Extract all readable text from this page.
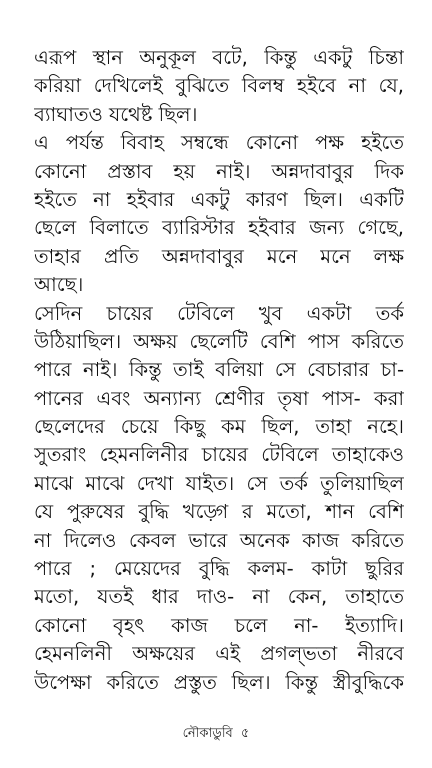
এরূপ স্থান অনুকূল বটে, কিন্তু একটু চিন্তা
করিয়া দেখিলেই বুঝিতে বিলম্ব হইবে না যে,
ব্যাঘাতও যথেষ্ট ছিল।
এ পর্যন্ত বিবাহ সম্বন্ধে কোনো পক্ষ হইতে
কোনো প্রস্তাব হয় নাই। অন্নদাবাবুর দিক
হইতে না হইবার একটু কারণ ছিল। একটি
ছেলে বিলাতে ব্যারিস্টার হইবার জন্য গেছে,
তাহার প্রতি অন্নদাবাবুর মনে মনে লক্ষ
আছে।
সেদিন চায়ের টেবিলে খুব একটা তর্ক
উঠিয়াছিল। অক্ষয় ছেলেটি বেশি পাস করিতে
পারে নাই। কিন্তু তাই বলিয়া সে বেচারার চা-
পানের এবং অন্যান্য শ্রেণীর তৃষা পাস- করা
ছেলেদের চেয়ে কিছু কম ছিল, তাহা নহে।
সুতরাং হেমনলিনীর চায়ের টেবিলে তাহাকেও
মাঝে মাঝে দেখা যাইত। সে তর্ক তুলিয়াছিল
যে পুরুষের বুদ্ধি খড়্গে র মতো, শান বেশি
না দিলেও কেবল ভারে অনেক কাজ করিতে
পারে ; মেয়েদের বুদ্ধি কলম- কাটা ছুরির
মতো, যতই ধার দাও- না কেন, তাহাতে
কোনো বৃহৎ কাজ চলে না- ইত্যাদি।
হেমনলিনী অক্ষয়ের এই প্রগল্ভতা নীরবে
উপেক্ষা করিতে প্রস্তুত ছিল। কিন্তু স্ত্রীবুদ্ধিকে
নৌকাডুবি ৫
